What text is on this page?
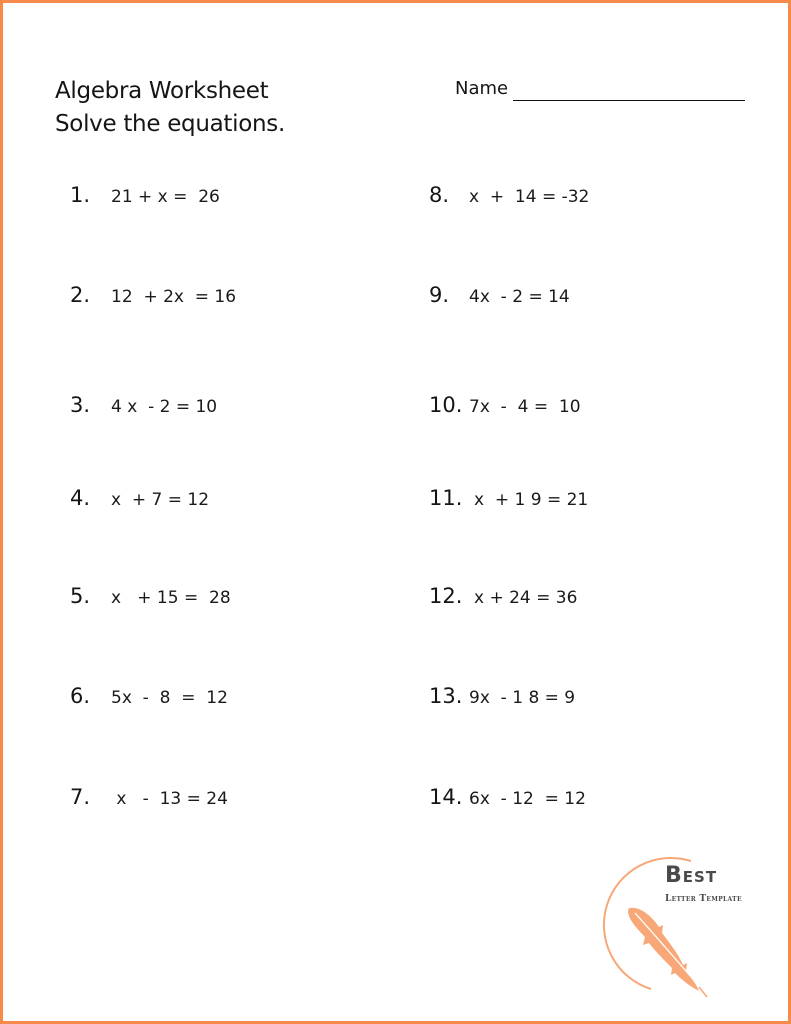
Algebra Worksheet
Solve the equations.
Name
1.	21 + x =  26
2.	12  + 2x  = 16
3.	4 x  - 2 = 10
4.	x  + 7 = 12
5.	x   + 15 =  28
6.	5x  -  8  =  12
7.	x   -  13 = 24
8.	x  +  14 = -32
9.	4x  - 2 = 14
10. 7x  -  4 =  10
11. x  + 1 9 = 21
12. x + 24 = 36
13. 9x  - 1 8 = 9
14. 6x  - 12  = 12
Best
Letter Template
